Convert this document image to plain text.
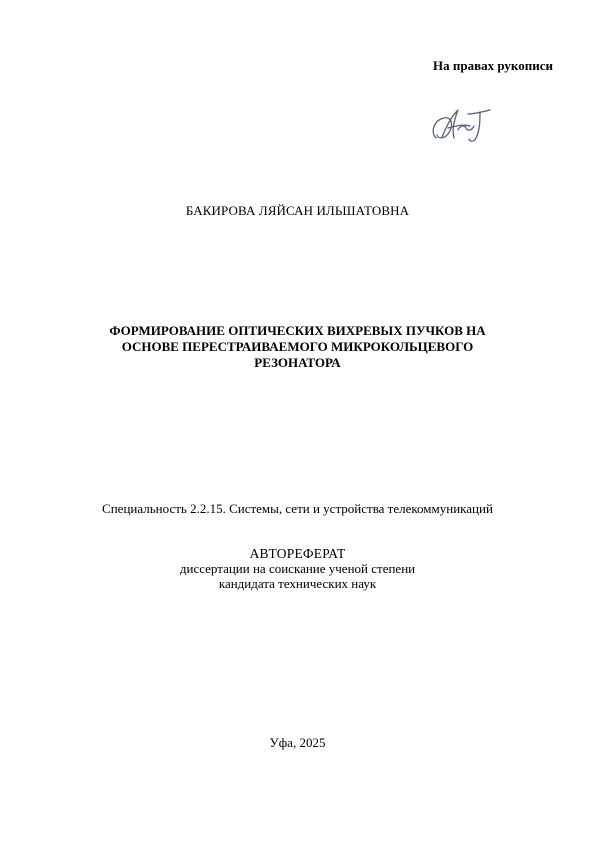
На правах рукописи
БАКИРОВА ЛЯЙСАН ИЛЬШАТОВНА
ФОРМИРОВАНИЕ ОПТИЧЕСКИХ ВИХРЕВЫХ ПУЧКОВ НА
ОСНОВЕ ПЕРЕСТРАИВАЕМОГО МИКРОКОЛЬЦЕВОГО
РЕЗОНАТОРА
Специальность 2.2.15. Системы, сети и устройства телекоммуникаций
АВТОРЕФЕРАТ
диссертации на соискание ученой степени
кандидата технических наук
Уфа, 2025
